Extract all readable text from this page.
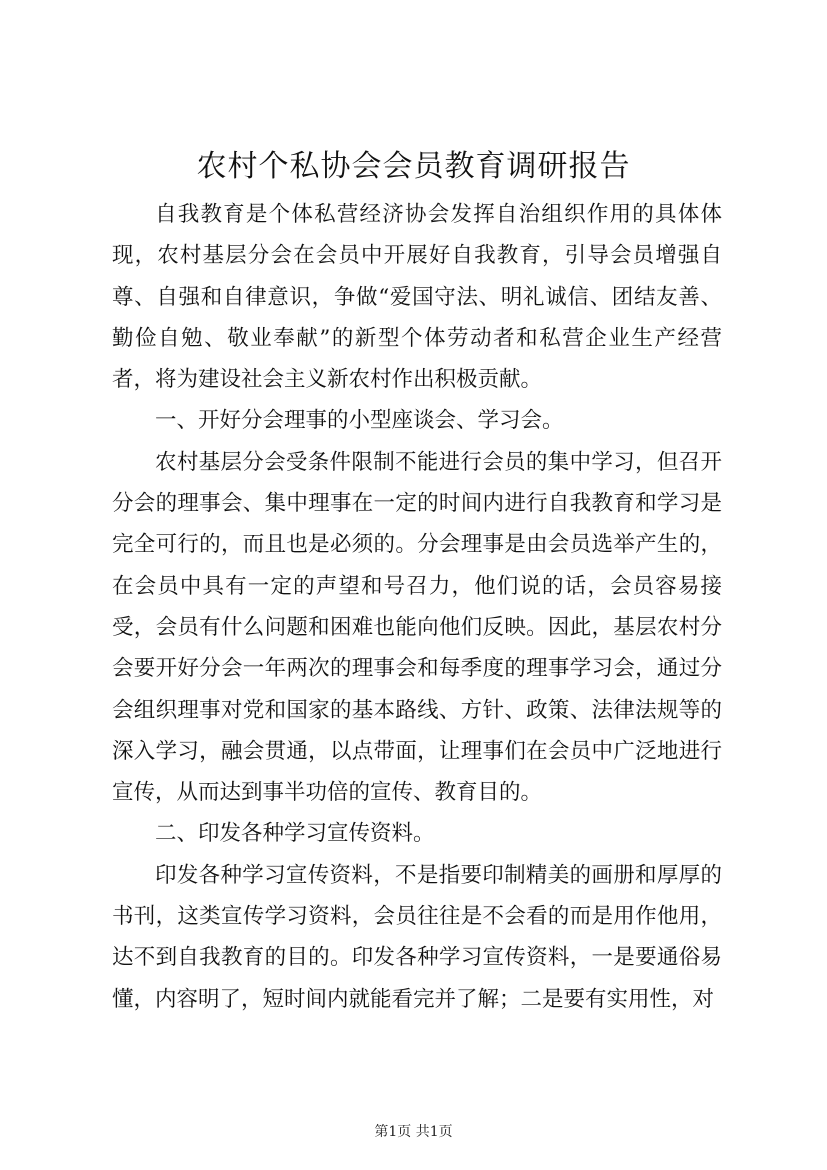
农村个私协会会员教育调研报告

自我教育是个体私营经济协会发挥自治组织作用的具体体现，农村基层分会在会员中开展好自我教育，引导会员增强自尊、自强和自律意识，争做“爱国守法、明礼诚信、团结友善、勤俭自勉、敬业奉献”的新型个体劳动者和私营企业生产经营者，将为建设社会主义新农村作出积极贡献。

一、开好分会理事的小型座谈会、学习会。

农村基层分会受条件限制不能进行会员的集中学习，但召开分会的理事会、集中理事在一定的时间内进行自我教育和学习是完全可行的，而且也是必须的。分会理事是由会员选举产生的，在会员中具有一定的声望和号召力，他们说的话，会员容易接受，会员有什么问题和困难也能向他们反映。因此，基层农村分会要开好分会一年两次的理事会和每季度的理事学习会，通过分会组织理事对党和国家的基本路线、方针、政策、法律法规等的深入学习，融会贯通，以点带面，让理事们在会员中广泛地进行宣传，从而达到事半功倍的宣传、教育目的。

二、印发各种学习宣传资料。

印发各种学习宣传资料，不是指要印制精美的画册和厚厚的书刊，这类宣传学习资料，会员往往是不会看的而是用作他用，达不到自我教育的目的。印发各种学习宣传资料，一是要通俗易懂，内容明了，短时间内就能看完并了解；二是要有实用性，对

第1页 共1页
